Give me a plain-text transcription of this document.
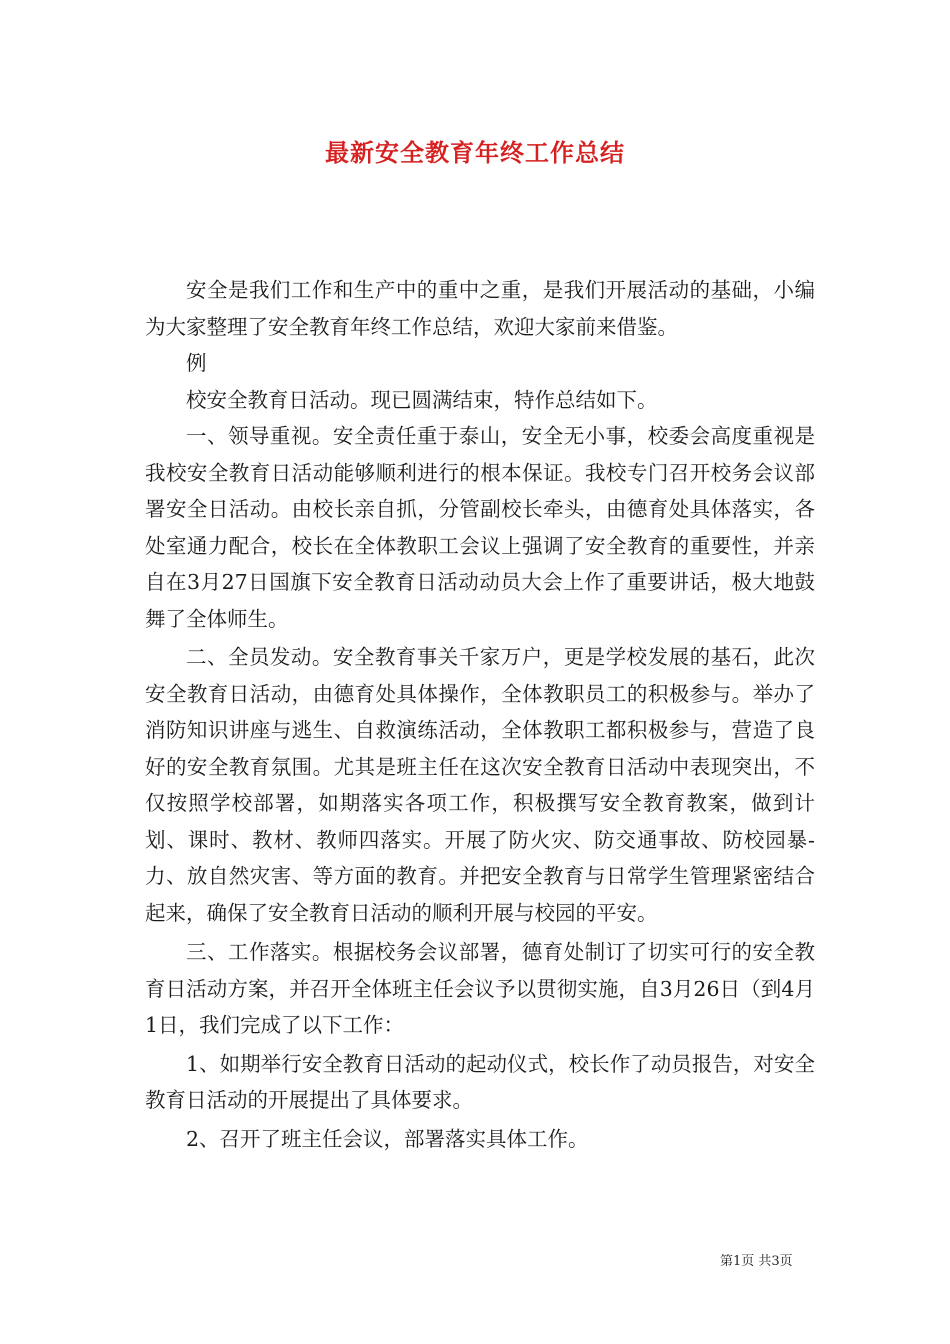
最新安全教育年终工作总结

安全是我们工作和生产中的重中之重，是我们开展活动的基础，小编为大家整理了安全教育年终工作总结，欢迎大家前来借鉴。

例

校安全教育日活动。现已圆满结束，特作总结如下。

一、领导重视。安全责任重于泰山，安全无小事，校委会高度重视是我校安全教育日活动能够顺利进行的根本保证。我校专门召开校务会议部署安全日活动。由校长亲自抓，分管副校长牵头，由德育处具体落实，各处室通力配合，校长在全体教职工会议上强调了安全教育的重要性，并亲自在3月27日国旗下安全教育日活动动员大会上作了重要讲话，极大地鼓舞了全体师生。

二、全员发动。安全教育事关千家万户，更是学校发展的基石，此次安全教育日活动，由德育处具体操作，全体教职员工的积极参与。举办了消防知识讲座与逃生、自救演练活动，全体教职工都积极参与，营造了良好的安全教育氛围。尤其是班主任在这次安全教育日活动中表现突出，不仅按照学校部署，如期落实各项工作，积极撰写安全教育教案，做到计划、课时、教材、教师四落实。开展了防火灾、防交通事故、防校园暴-力、放自然灾害、等方面的教育。并把安全教育与日常学生管理紧密结合起来，确保了安全教育日活动的顺利开展与校园的平安。

三、工作落实。根据校务会议部署，德育处制订了切实可行的安全教育日活动方案，并召开全体班主任会议予以贯彻实施，自3月26日（到4月1日，我们完成了以下工作：

1、如期举行安全教育日活动的起动仪式，校长作了动员报告，对安全教育日活动的开展提出了具体要求。

2、召开了班主任会议，部署落实具体工作。

第1页 共3页
